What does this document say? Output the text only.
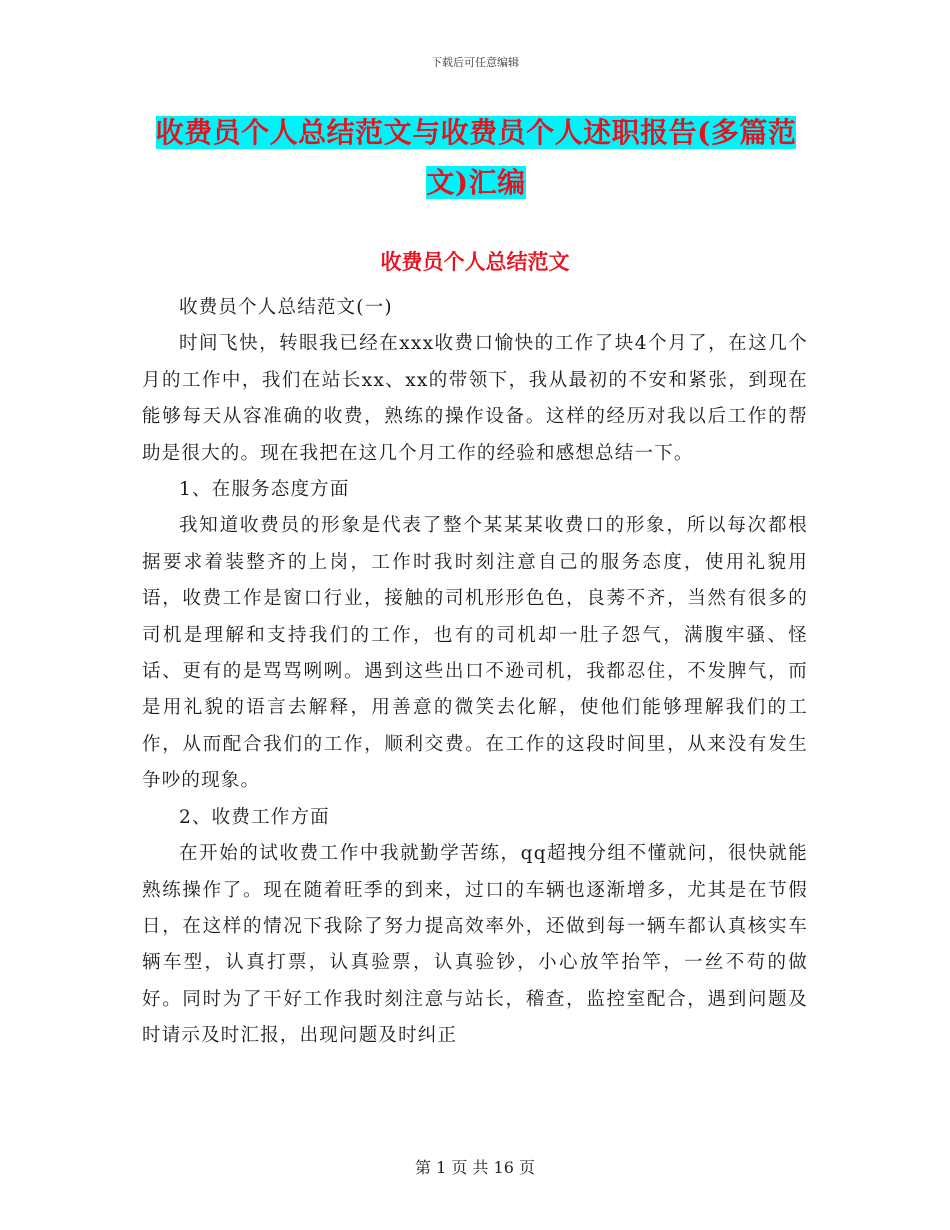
下载后可任意编辑
收费员个人总结范文与收费员个人述职报告(多篇范文)汇编
收费员个人总结范文

收费员个人总结范文(一)

时间飞快，转眼我已经在xxx收费口愉快的工作了块4个月了，在这几个月的工作中，我们在站长xx、xx的带领下，我从最初的不安和紧张，到现在能够每天从容准确的收费，熟练的操作设备。这样的经历对我以后工作的帮助是很大的。现在我把在这几个月工作的经验和感想总结一下。

1、在服务态度方面

我知道收费员的形象是代表了整个某某某收费口的形象，所以每次都根据要求着装整齐的上岗，工作时我时刻注意自己的服务态度，使用礼貌用语，收费工作是窗口行业，接触的司机形形色色，良莠不齐，当然有很多的司机是理解和支持我们的工作，也有的司机却一肚子怨气，满腹牢骚、怪话、更有的是骂骂咧咧。遇到这些出口不逊司机，我都忍住，不发脾气，而是用礼貌的语言去解释，用善意的微笑去化解，使他们能够理解我们的工作，从而配合我们的工作，顺利交费。在工作的这段时间里，从来没有发生争吵的现象。

2、收费工作方面

在开始的试收费工作中我就勤学苦练，qq超拽分组不懂就问，很快就能熟练操作了。现在随着旺季的到来，过口的车辆也逐渐增多，尤其是在节假日，在这样的情况下我除了努力提高效率外，还做到每一辆车都认真核实车辆车型，认真打票，认真验票，认真验钞，小心放竿抬竿，一丝不苟的做好。同时为了干好工作我时刻注意与站长，稽查，监控室配合，遇到问题及时请示及时汇报，出现问题及时纠正

第 1 页 共 16 页
